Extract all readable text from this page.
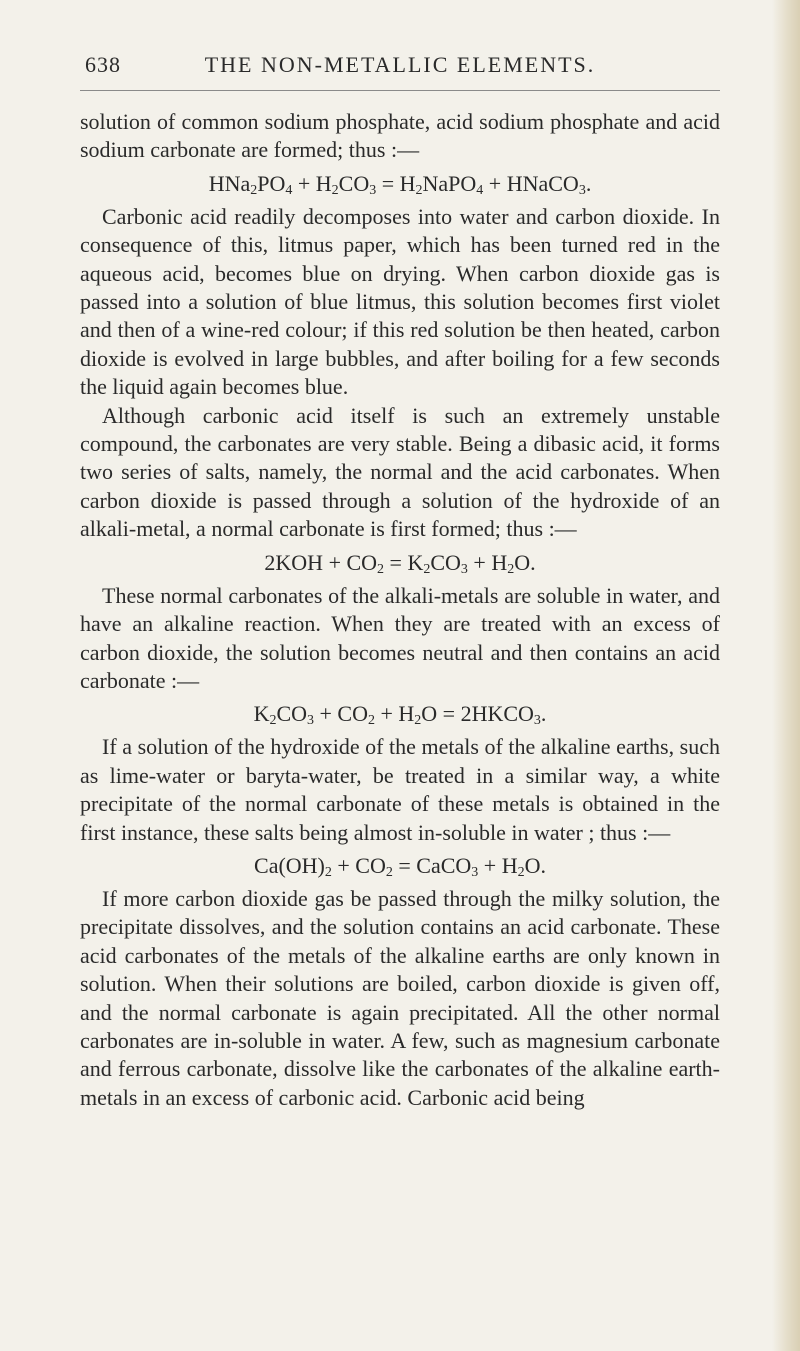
638	THE NON-METALLIC ELEMENTS.

solution of common sodium phosphate, acid sodium phosphate and acid sodium carbonate are formed; thus :—

$HNa_2PO_4 + H_2CO_3$ = $H_2NaPO_4$ + HNaCO$_3$.

Carbonic acid readily decomposes into water and carbon dioxide. In consequence of this, litmus paper, which has been turned red in the aqueous acid, becomes blue on drying. When carbon dioxide gas is passed into a solution of blue litmus, this solution becomes first violet and then of a wine-red colour; if this red solution be then heated, carbon dioxide is evolved in large bubbles, and after boiling for a few seconds the liquid again becomes blue.

Although carbonic acid itself is such an extremely unstable compound, the carbonates are very stable. Being a dibasic acid, it forms two series of salts, namely, the normal and the acid carbonates. When carbon dioxide is passed through a solution of the hydroxide of an alkali-metal, a normal carbonate is first formed; thus :—

$2KOH + CO_2 = K_2CO_3 + H_2O$.

These normal carbonates of the alkali-metals are soluble in water, and have an alkaline reaction. When they are treated with an excess of carbon dioxide, the solution becomes neutral and then contains an acid carbonate :—

$K_2CO_3 + CO_2 + H_2O$ = $2HKCO_3$.

If a solution of the hydroxide of the metals of the alkaline earths, such as lime-water or baryta-water, be treated in a similar way, a white precipitate of the normal carbonate of these metals is obtained in the first instance, these salts being almost in-soluble in water ; thus :—

$Ca(OH)_2 + CO_2$ = CaCO$_3$ + $H_2O$.

If more carbon dioxide gas be passed through the milky solution, the precipitate dissolves, and the solution contains an acid carbonate. These acid carbonates of the metals of the alkaline earths are only known in solution. When their solutions are boiled, carbon dioxide is given off, and the normal carbonate is again precipitated. All the other normal carbonates are in-soluble in water. A few, such as magnesium carbonate and ferrous carbonate, dissolve like the carbonates of the alkaline earth-metals in an excess of carbonic acid. Carbonic acid being
